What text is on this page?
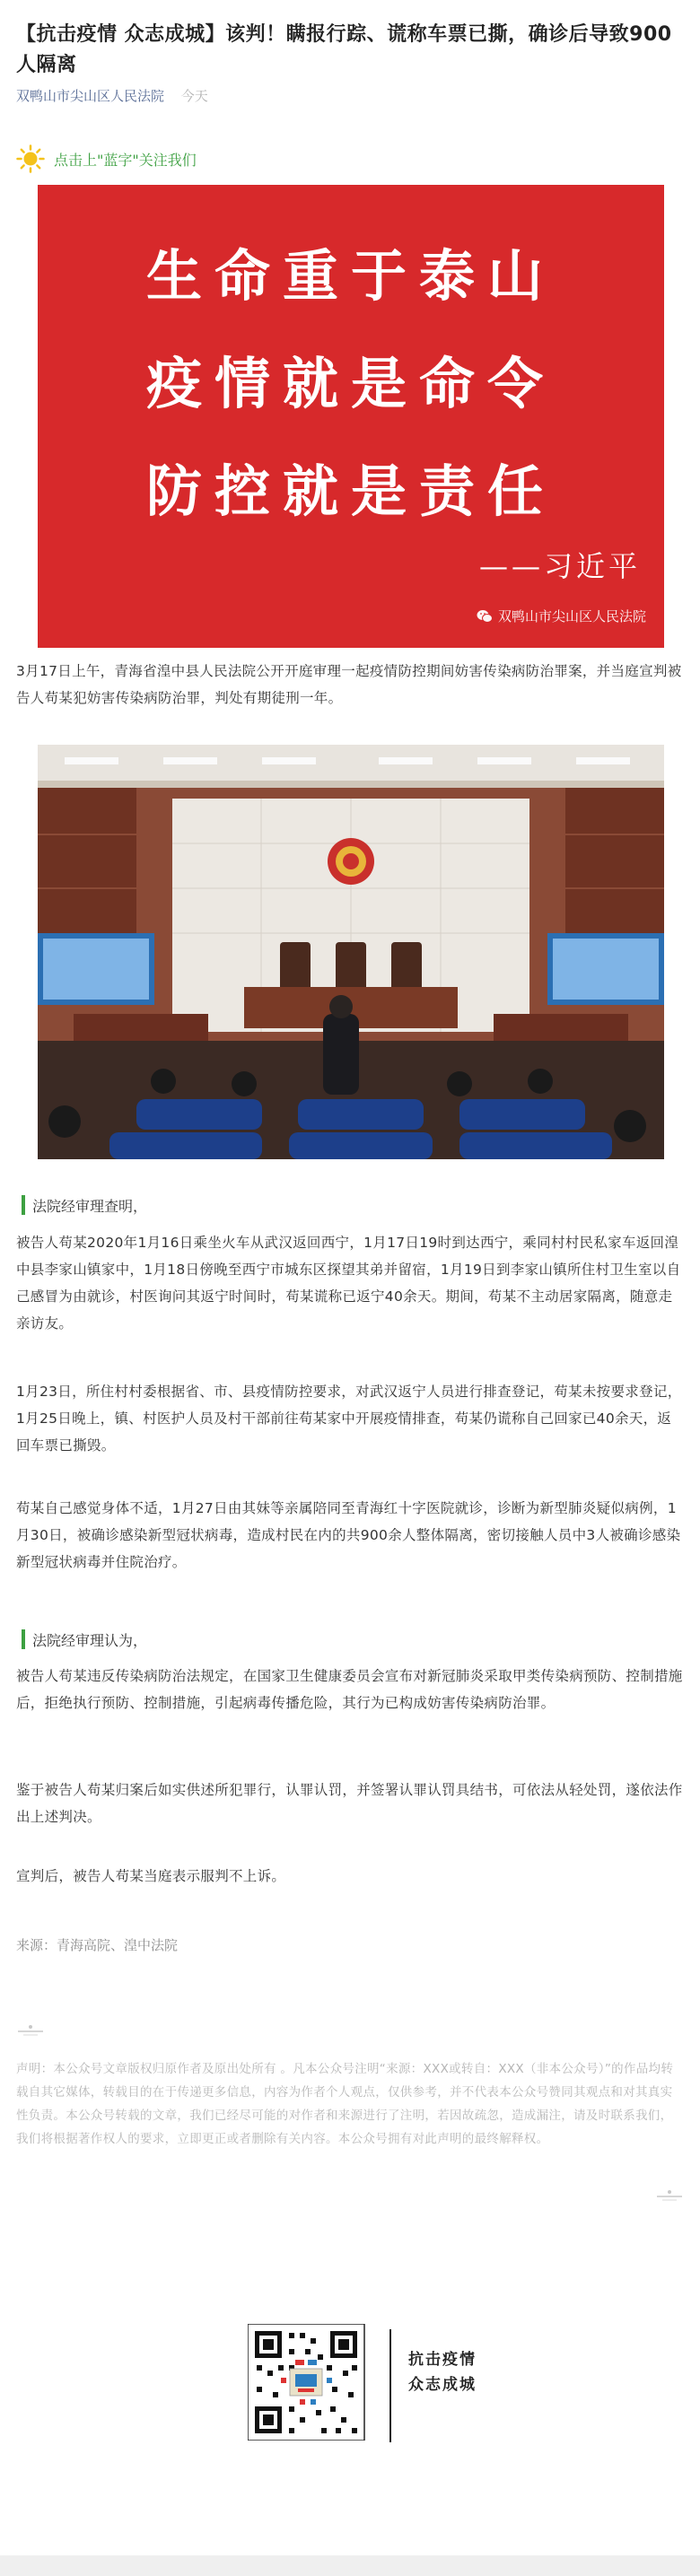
【抗击疫情 众志成城】该判！瞒报行踪、谎称车票已撕，确诊后导致900人隔离
双鸭山市尖山区人民法院 今天
点击上"蓝字"关注我们
生命重于泰山
疫情就是命令
防控就是责任
——习近平
双鸭山市尖山区人民法院
3月17日上午，青海省湟中县人民法院公开开庭审理一起疫情防控期间妨害传染病防治罪案，并当庭宣判被告人苟某犯妨害传染病防治罪，判处有期徒刑一年。
法院经审理查明，
被告人苟某2020年1月16日乘坐火车从武汉返回西宁，1月17日19时到达西宁，乘同村村民私家车返回湟中县李家山镇家中，1月18日傍晚至西宁市城东区探望其弟并留宿，1月19日到李家山镇所住村卫生室以自己感冒为由就诊，村医询问其返宁时间时，苟某谎称已返宁40余天。期间，苟某不主动居家隔离，随意走亲访友。
1月23日，所住村村委根据省、市、县疫情防控要求，对武汉返宁人员进行排查登记，苟某未按要求登记，1月25日晚上，镇、村医护人员及村干部前往苟某家中开展疫情排查，苟某仍谎称自己回家已40余天，返回车票已撕毁。
苟某自己感觉身体不适，1月27日由其妹等亲属陪同至青海红十字医院就诊，诊断为新型肺炎疑似病例，1月30日，被确诊感染新型冠状病毒，造成村民在内的共900余人整体隔离，密切接触人员中3人被确诊感染新型冠状病毒并住院治疗。
法院经审理认为，
被告人苟某违反传染病防治法规定，在国家卫生健康委员会宣布对新冠肺炎采取甲类传染病预防、控制措施后，拒绝执行预防、控制措施，引起病毒传播危险，其行为已构成妨害传染病防治罪。
鉴于被告人苟某归案后如实供述所犯罪行，认罪认罚，并签署认罪认罚具结书，可依法从轻处罚，遂依法作出上述判决。
宣判后，被告人苟某当庭表示服判不上诉。
来源：青海高院、湟中法院
声明：本公众号文章版权归原作者及原出处所有 。凡本公众号注明“来源：XXX或转自：XXX（非本公众号）”的作品均转载自其它媒体，转载目的在于传递更多信息，内容为作者个人观点，仅供参考，并不代表本公众号赞同其观点和对其真实性负责。本公众号转载的文章，我们已经尽可能的对作者和来源进行了注明，若因故疏忽，造成漏注，请及时联系我们，我们将根据著作权人的要求，立即更正或者删除有关内容。本公众号拥有对此声明的最终解释权。
抗击疫情
众志成城
